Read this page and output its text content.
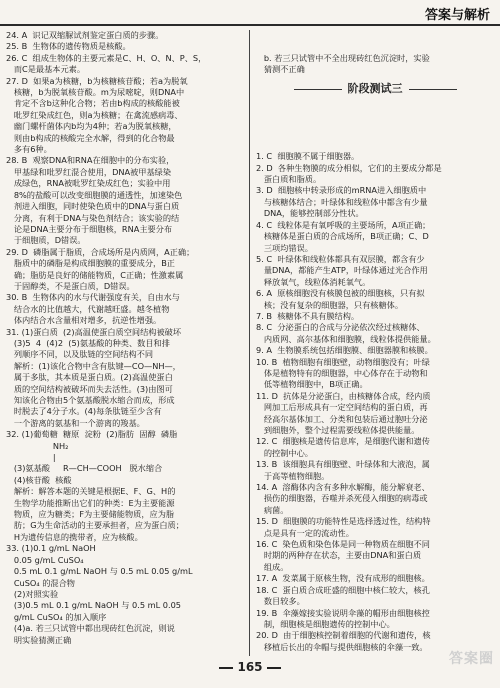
答案与解析
24. A  识记双缩脲试剂鉴定蛋白质的步骤。
25. B  生物体的遗传物质是核酸。
26. C  组成生物体的主要元素是C、H、O、N、P、S，
而C是最基本元素。
27. D  如果a为核糖，b为核糖核苷酸；若a为脱氧
核糖，b为脱氧核苷酸。m为尿嘧啶，则DNA中
肯定不含b这种化合物；若由b构成的核酸能被
吡罗红染成红色，则a为核糖；在禽流感病毒、
幽门螺杆菌体内b均为4种；若a为脱氧核糖，
则由b构成的核酸完全水解，得到的化合物最
多有6种。
28. B  观察DNA和RNA在细胞中的分布实验，
甲基绿和吡罗红混合使用，DNA被甲基绿染
成绿色，RNA被吡罗红染成红色；实验中用
8%的盐酸可以改变细胞膜的通透性，加速染色
剂进入细胞，同时使染色质中的DNA与蛋白质
分离，有利于DNA与染色剂结合；该实验的结
论是DNA主要分布于细胞核，RNA主要分布
于细胞质，D错误。
29. D  磷脂属于脂质，合成场所是内质网，A正确；
脂质中的磷脂是构成细胞膜的重要成分，B正
确；脂肪是良好的储能物质，C正确；性激素属
于固醇类，不是蛋白质，D错误。
30. B  生物体内的水与代谢强度有关，自由水与
结合水的比值越大，代谢越旺盛。越冬植物
体内结合水含量相对增多，抗逆性增强。
31. (1)蛋白质  (2)高温使蛋白质空间结构被破坏
(3)5  4  (4)2  (5)氨基酸的种类、数目和排
列顺序不同，以及肽链的空间结构不同
解析：(1)该化合物中含有肽键—CO—NH—，
属于多肽，其本质是蛋白质。(2)高温使蛋白
质的空间结构被破坏而失去活性。(3)由图可
知该化合物由5个氨基酸脱水缩合而成，形成
时脱去了4分子水。(4)每条肽链至少含有
一个游离的氨基和一个游离的羧基。
32. (1)葡萄糖  糖原  淀粉  (2)脂肪  固醇  磷脂
NH₂
|
(3)氨基酸     R—CH—COOH   脱水缩合
(4)核苷酸  核酸
解析：解答本题的关键是根据E、F、G、H的
生物学功能推断出它们的种类：E为主要能源
物质，应为糖类；F为主要储能物质，应为脂
肪；G为生命活动的主要承担者，应为蛋白质；
H为遗传信息的携带者，应为核酸。
33. (1)0.1 g/mL NaOH
0.05 g/mL CuSO₄
0.5 mL 0.1 g/mL NaOH 与 0.5 mL 0.05 g/mL
CuSO₄ 的混合物
(2)对照实验
(3)0.5 mL 0.1 g/mL NaOH 与 0.5 mL 0.05
g/mL CuSO₄ 的加入顺序
(4)a. 若三只试管中都出现砖红色沉淀，则说
明实验猜测正确

b. 若三只试管中不全出现砖红色沉淀时，实验
猜测不正确

1. C  细胞膜不属于细胞器。
2. D  各种生物膜的成分相似，它们的主要成分都是
蛋白质和脂质。
3. D  细胞核中转录形成的mRNA进入细胞质中
与核糖体结合；叶绿体和线粒体中都含有少量
DNA，能够控制部分性状。
4. C  线粒体是有氧呼吸的主要场所，A项正确；
核糖体是蛋白质的合成场所，B项正确；C、D
三项均错误。
5. C  叶绿体和线粒体都具有双层膜，都含有少
量DNA，都能产生ATP，叶绿体通过光合作用
释放氧气，线粒体消耗氧气。
6. A  原核细胞没有核膜包被的细胞核，只有拟
核；没有复杂的细胞器，只有核糖体。
7. B  核糖体不具有膜结构。
8. C  分泌蛋白的合成与分泌依次经过核糖体、
内质网、高尔基体和细胞膜，线粒体提供能量。
9. A  生物膜系统包括细胞膜、细胞器膜和核膜。
10. B  植物细胞有细胞壁，动物细胞没有；叶绿
体是植物特有的细胞器，中心体存在于动物和
低等植物细胞中，B项正确。
11. D  抗体是分泌蛋白，由核糖体合成，经内质
网加工后形成具有一定空间结构的蛋白质，再
经高尔基体加工、分类和包装后通过胞吐分泌
到细胞外，整个过程需要线粒体提供能量。
12. C  细胞核是遗传信息库，是细胞代谢和遗传
的控制中心。
13. B  该细胞具有细胞壁、叶绿体和大液泡，属
于高等植物细胞。
14. A  溶酶体内含有多种水解酶，能分解衰老、
损伤的细胞器，吞噬并杀死侵入细胞的病毒或
病菌。
15. D  细胞膜的功能特性是选择透过性，结构特
点是具有一定的流动性。
16. C  染色质和染色体是同一种物质在细胞不同
时期的两种存在状态，主要由DNA和蛋白质
组成。
17. A  发菜属于原核生物，没有成形的细胞核。
18. C  蛋白质合成旺盛的细胞中核仁较大，核孔
数目较多。
19. B  伞藻嫁接实验说明伞藻的帽形由细胞核控
制，细胞核是细胞遗传的控制中心。
20. D  由于细胞核控制着细胞的代谢和遗传，核
移植后长出的伞帽与提供细胞核的伞藻一致。

阶段测试三
165	答案圈
